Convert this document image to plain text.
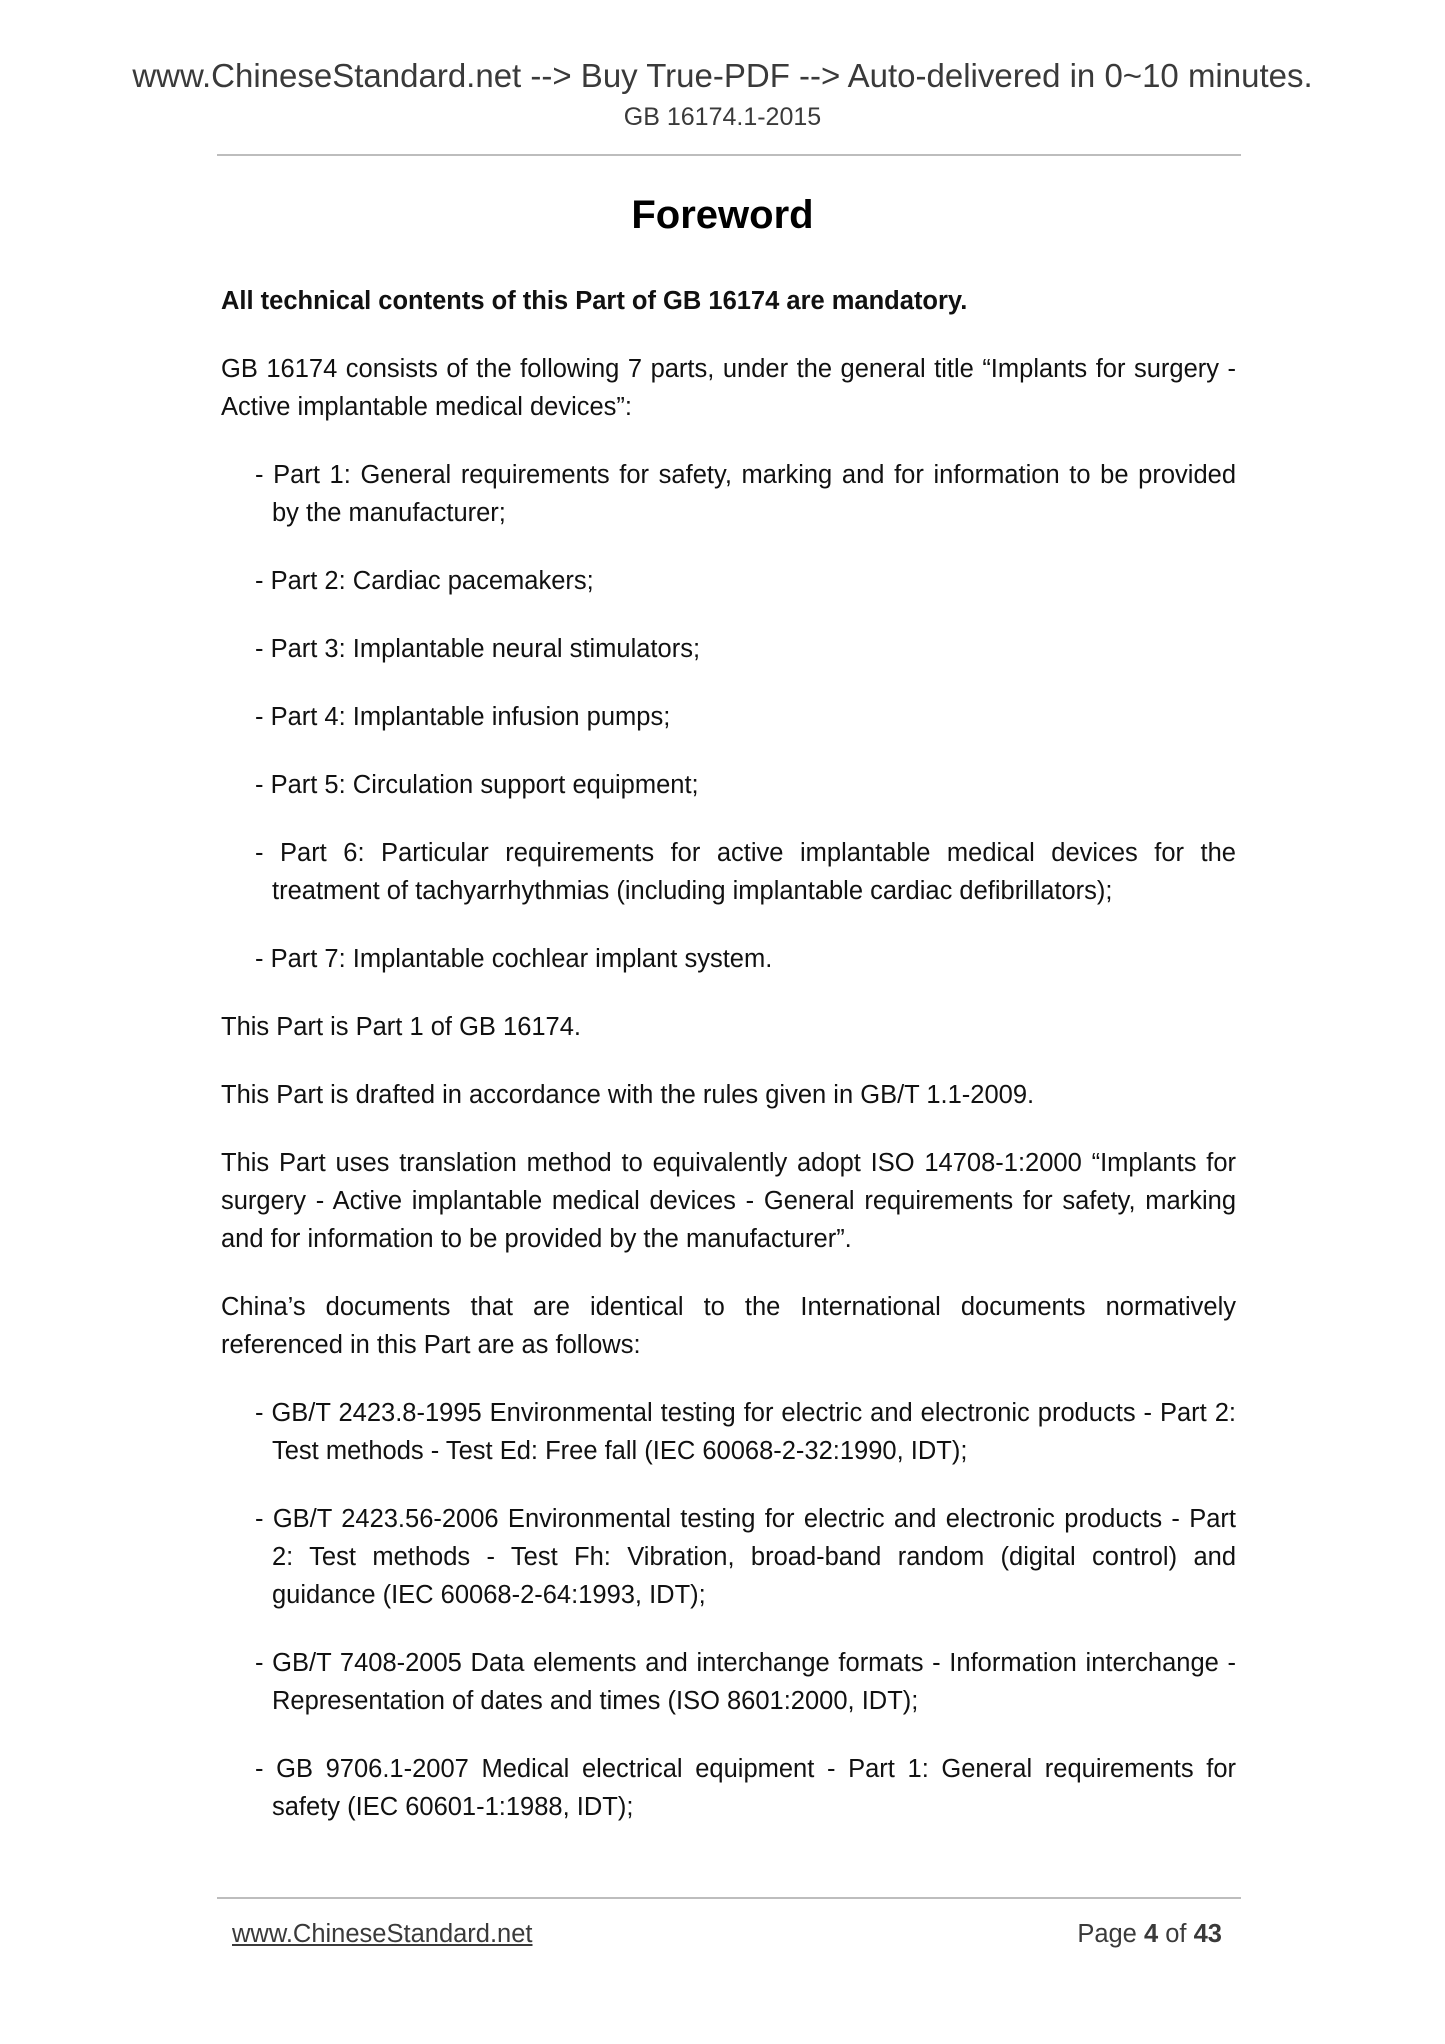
www.ChineseStandard.net --> Buy True-PDF --> Auto-delivered in 0~10 minutes.
GB 16174.1-2015
Foreword

All technical contents of this Part of GB 16174 are mandatory.

GB 16174 consists of the following 7 parts, under the general title “Implants for surgery - Active implantable medical devices”:

- Part 1: General requirements for safety, marking and for information to be provided by the manufacturer;
- Part 2: Cardiac pacemakers;
- Part 3: Implantable neural stimulators;
- Part 4: Implantable infusion pumps;
- Part 5: Circulation support equipment;
- Part 6: Particular requirements for active implantable medical devices for the treatment of tachyarrhythmias (including implantable cardiac defibrillators);
- Part 7: Implantable cochlear implant system.

This Part is Part 1 of GB 16174.

This Part is drafted in accordance with the rules given in GB/T 1.1-2009.

This Part uses translation method to equivalently adopt ISO 14708-1:2000 “Implants for surgery - Active implantable medical devices - General requirements for safety, marking and for information to be provided by the manufacturer”.

China’s documents that are identical to the International documents normatively referenced in this Part are as follows:

- GB/T 2423.8-1995 Environmental testing for electric and electronic products - Part 2: Test methods - Test Ed: Free fall (IEC 60068-2-32:1990, IDT);
- GB/T 2423.56-2006 Environmental testing for electric and electronic products - Part 2: Test methods - Test Fh: Vibration, broad-band random (digital control) and guidance (IEC 60068-2-64:1993, IDT);
- GB/T 7408-2005 Data elements and interchange formats - Information interchange - Representation of dates and times (ISO 8601:2000, IDT);
- GB 9706.1-2007 Medical electrical equipment - Part 1: General requirements for safety (IEC 60601-1:1988, IDT);
www.ChineseStandard.net	Page 4 of 43
